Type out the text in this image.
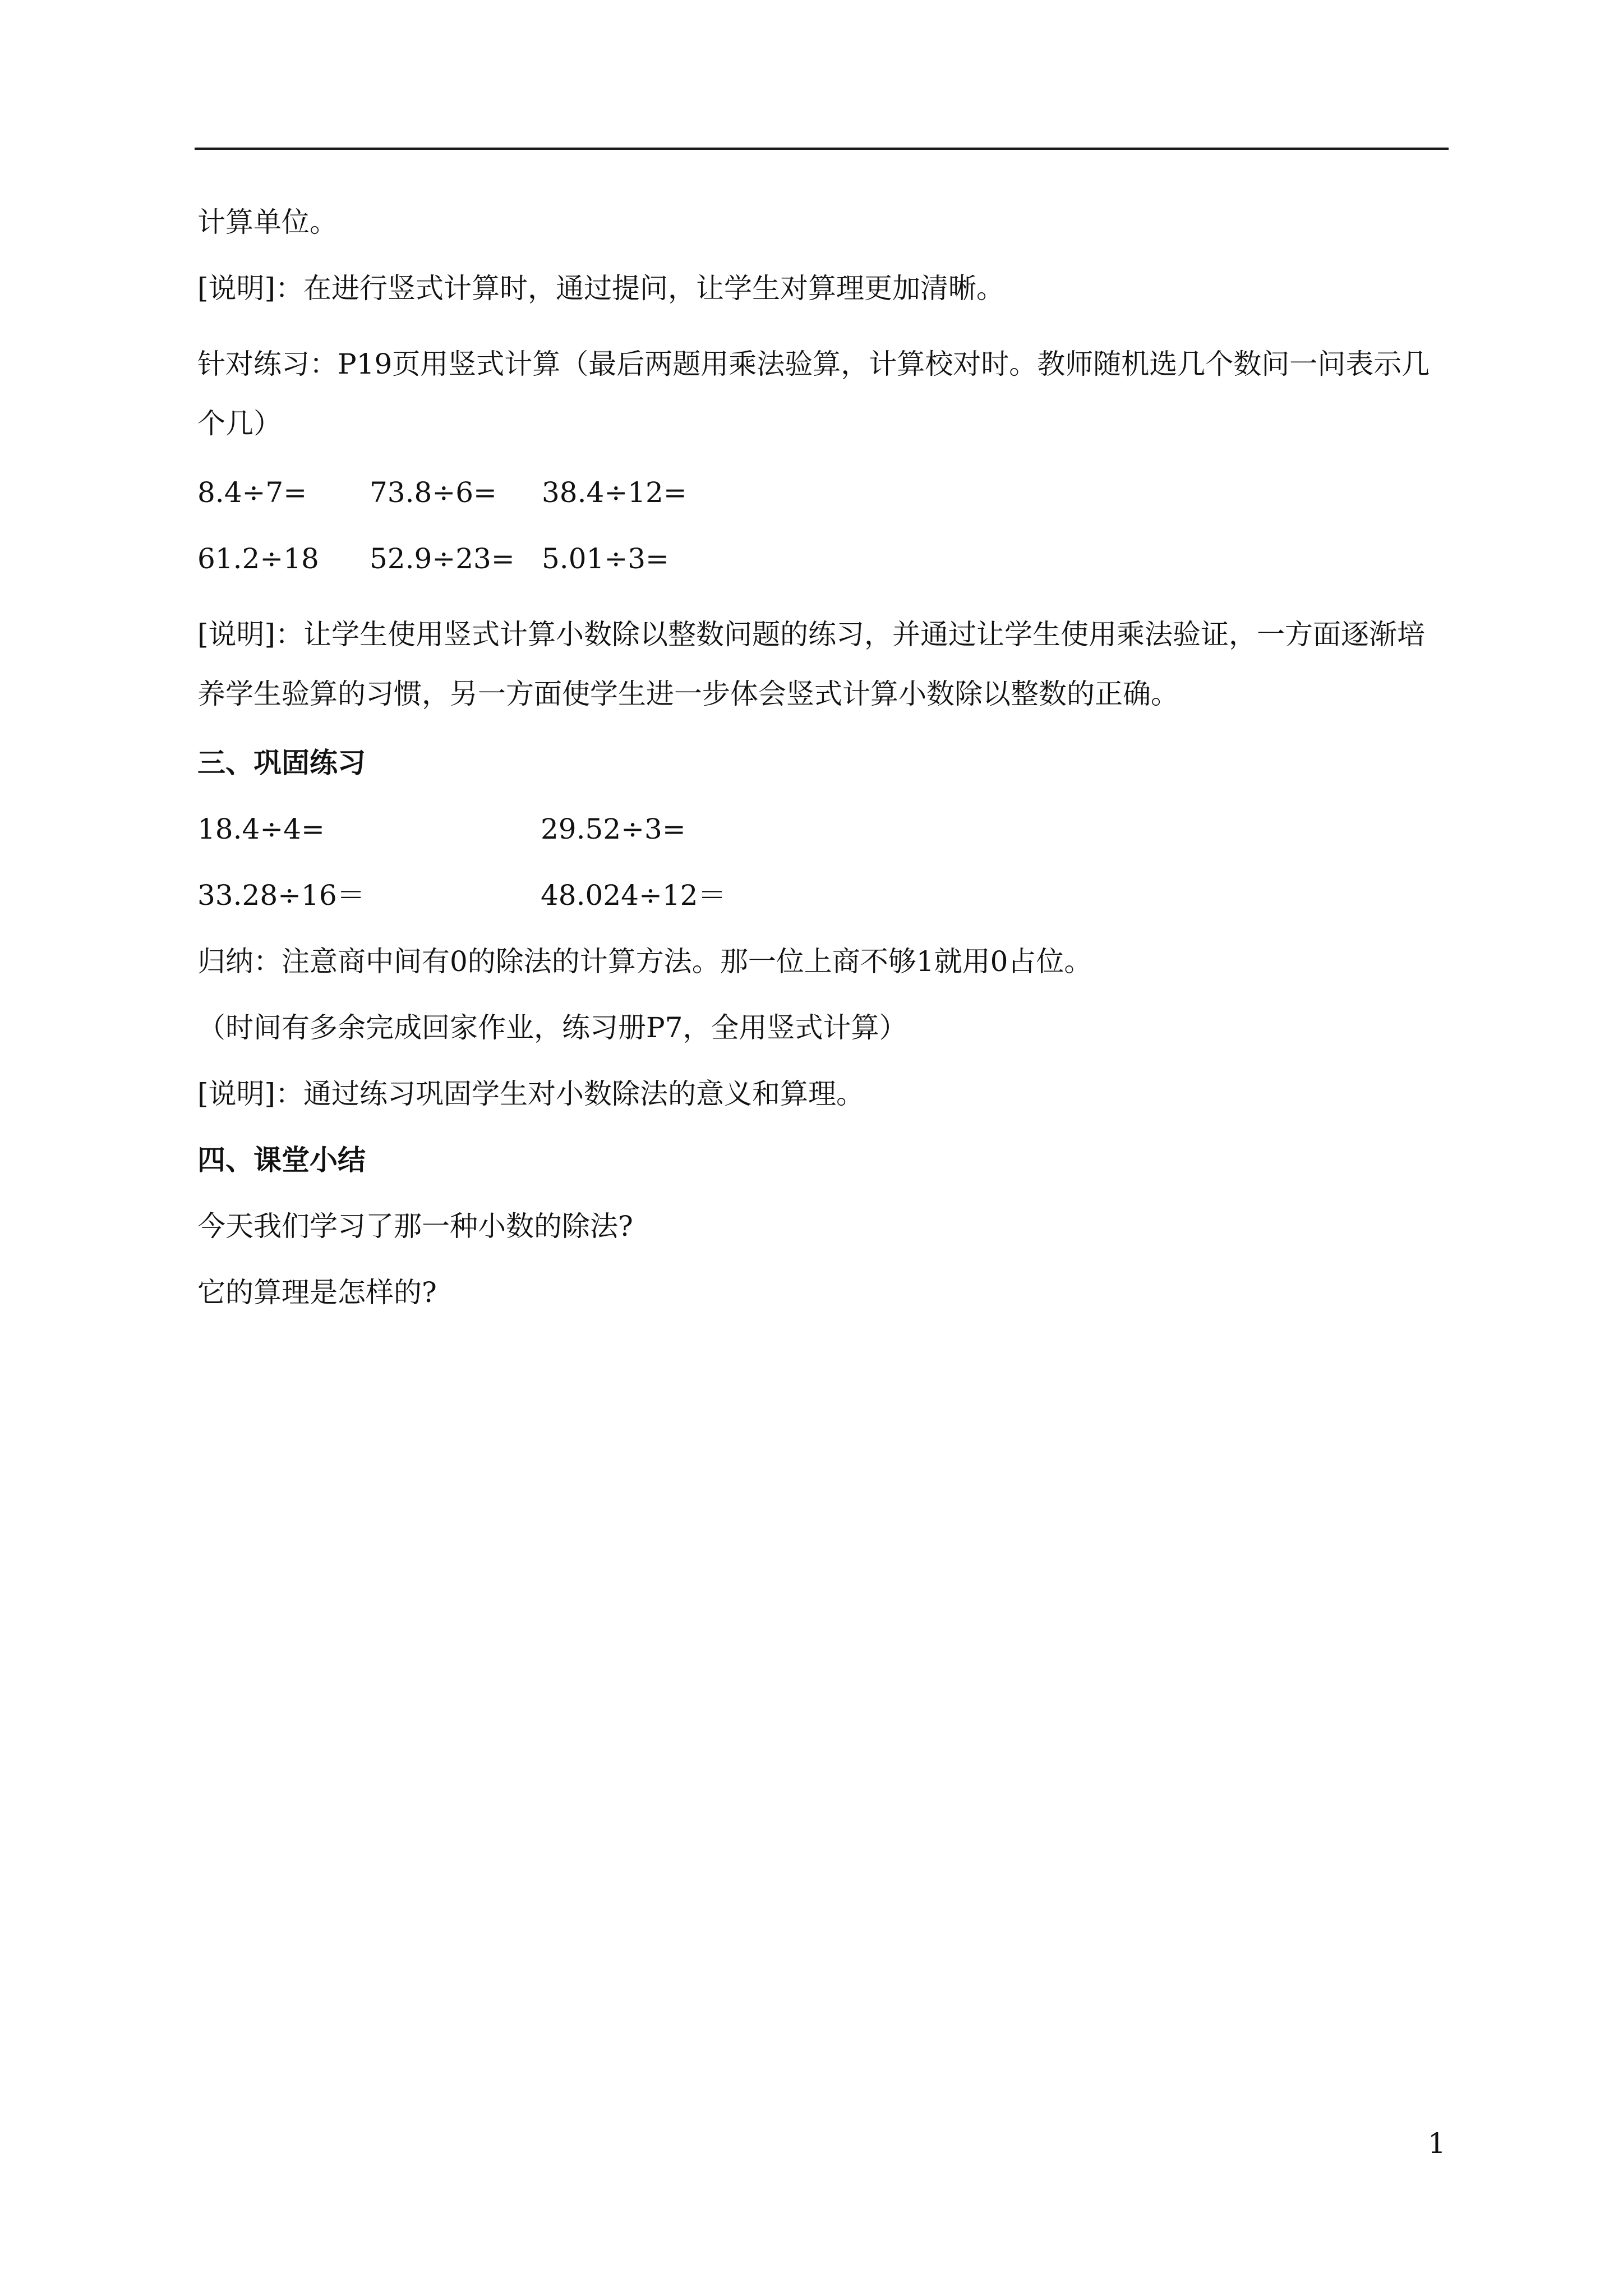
计算单位。

[说明]：在进行竖式计算时，通过提问，让学生对算理更加清晰。

针对练习：P19页用竖式计算（最后两题用乘法验算，计算校对时。教师随机选几个数问一问表示几个几）

8.4÷7=	73.8÷6=	38.4÷12=
61.2÷18	52.9÷23= 5.01÷3=

[说明]：让学生使用竖式计算小数除以整数问题的练习，并通过让学生使用乘法验证，一方面逐渐培养学生验算的习惯，另一方面使学生进一步体会竖式计算小数除以整数的正确。

三、巩固练习

18.4÷4=	29.52÷3=
33.28÷16＝	48.024÷12＝

归纳：注意商中间有0的除法的计算方法。那一位上商不够1就用0占位。

（时间有多余完成回家作业，练习册P7，全用竖式计算）

[说明]：通过练习巩固学生对小数除法的意义和算理。

四、课堂小结

今天我们学习了那一种小数的除法?

它的算理是怎样的?

1
